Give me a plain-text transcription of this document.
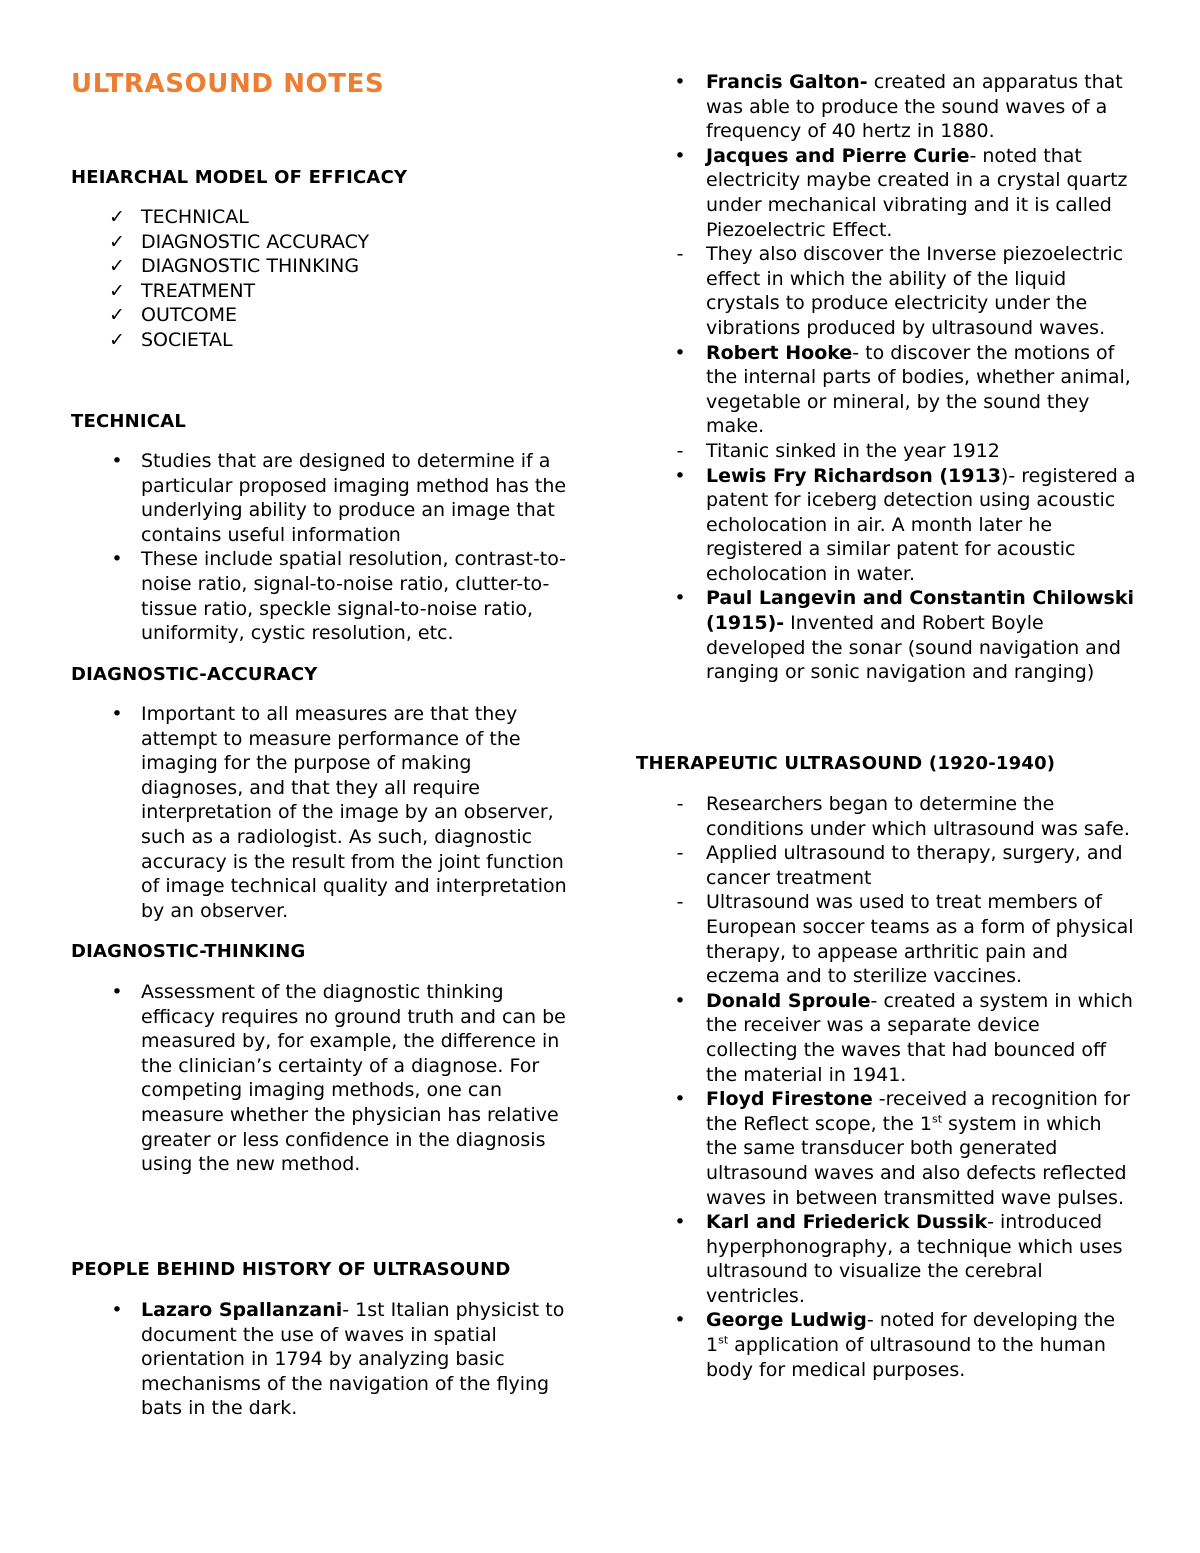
ULTRASOUND NOTES
HEIARCHAL MODEL OF EFFICACY
✓ TECHNICAL
✓ DIAGNOSTIC ACCURACY
✓ DIAGNOSTIC THINKING
✓ TREATMENT
✓ OUTCOME
✓ SOCIETAL
TECHNICAL
• Studies that are designed to determine if a particular proposed imaging method has the underlying ability to produce an image that contains useful information
• These include spatial resolution, contrast-to-noise ratio, signal-to-noise ratio, clutter-to-tissue ratio, speckle signal-to-noise ratio, uniformity, cystic resolution, etc.
DIAGNOSTIC-ACCURACY
• Important to all measures are that they attempt to measure performance of the imaging for the purpose of making diagnoses, and that they all require interpretation of the image by an observer, such as a radiologist. As such, diagnostic accuracy is the result from the joint function of image technical quality and interpretation by an observer.
DIAGNOSTIC-THINKING
• Assessment of the diagnostic thinking efficacy requires no ground truth and can be measured by, for example, the difference in the clinician’s certainty of a diagnose. For competing imaging methods, one can measure whether the physician has relative greater or less confidence in the diagnosis using the new method.
PEOPLE BEHIND HISTORY OF ULTRASOUND
• Lazaro Spallanzani- 1st Italian physicist to document the use of waves in spatial orientation in 1794 by analyzing basic mechanisms of the navigation of the flying bats in the dark.
• Francis Galton- created an apparatus that was able to produce the sound waves of a frequency of 40 hertz in 1880.
• Jacques and Pierre Curie- noted that electricity maybe created in a crystal quartz under mechanical vibrating and it is called Piezoelectric Effect.
-	They also discover the Inverse piezoelectric effect in which the ability of the liquid crystals to produce electricity under the vibrations produced by ultrasound waves.
• Robert Hooke- to discover the motions of the internal parts of bodies, whether animal, vegetable or mineral, by the sound they make.
-	Titanic sinked in the year 1912
• Lewis Fry Richardson (1913)- registered a patent for iceberg detection using acoustic echolocation in air. A month later he registered a similar patent for acoustic echolocation in water.
• Paul Langevin and Constantin Chilowski (1915)- Invented and Robert Boyle developed the sonar (sound navigation and ranging or sonic navigation and ranging)
THERAPEUTIC ULTRASOUND (1920-1940)
-	Researchers began to determine the conditions under which ultrasound was safe.
-	Applied ultrasound to therapy, surgery, and cancer treatment
-	Ultrasound was used to treat members of European soccer teams as a form of physical therapy, to appease arthritic pain and eczema and to sterilize vaccines.
• Donald Sproule- created a system in which the receiver was a separate device collecting the waves that had bounced off the material in 1941.
• Floyd Firestone -received a recognition for the Reflect scope, the 1st system in which the same transducer both generated ultrasound waves and also defects reflected waves in between transmitted wave pulses.
• Karl and Friederick Dussik- introduced hyperphonography, a technique which uses ultrasound to visualize the cerebral ventricles.
• George Ludwig- noted for developing the 1st application of ultrasound to the human body for medical purposes.
